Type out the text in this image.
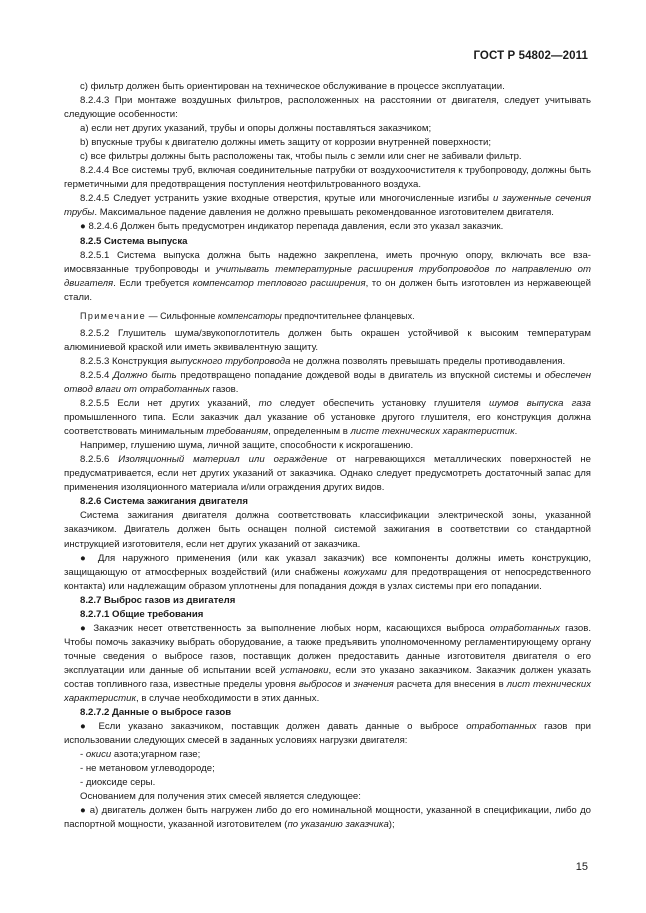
ГОСТ Р 54802—2011

c) фильтр должен быть ориентирован на техническое обслуживание в процессе эксплуатации.

8.2.4.3 При монтаже воздушных фильтров, расположенных на расстоянии от двигателя, следует учитывать следующие особенности:

a) если нет других указаний, трубы и опоры должны поставляться заказчиком;

b) впускные трубы к двигателю должны иметь защиту от коррозии внутренней поверхности;

c) все фильтры должны быть расположены так, чтобы пыль с земли или снег не забивали фильтр.

8.2.4.4 Все системы труб, включая соединительные патрубки от воздухоочистителя к трубопроводу, должны быть герметичными для предотвращения поступления неотфильтрованного воздуха.

8.2.4.5 Следует устранить узкие входные отверстия, крутые или многочисленные изгибы и зауженные сечения трубы. Максимальное падение давления не должно превышать рекомендованное изготовителем двигателя.

● 8.2.4.6 Должен быть предусмотрен индикатор перепада давления, если это указал заказчик.

8.2.5 Система выпуска

8.2.5.1 Система выпуска должна быть надежно закреплена, иметь прочную опору, включать все взаимосвязанные трубопроводы и учитывать температурные расширения трубопроводов по направлению от двигателя. Если требуется компенсатор теплового расширения, то он должен быть изготовлен из нержавеющей стали.

Примечание — Сильфонные компенсаторы предпочтительнее фланцевых.

8.2.5.2 Глушитель шума/звукопоглотитель должен быть окрашен устойчивой к высоким температурам алюминиевой краской или иметь эквивалентную защиту.

8.2.5.3 Конструкция выпускного трубопровода не должна позволять превышать пределы противодавления.

8.2.5.4 Должно быть предотвращено попадание дождевой воды в двигатель из впускной системы и обеспечен отвод влаги от отработанных газов.

8.2.5.5 Если нет других указаний, то следует обеспечить установку глушителя шумов выпуска газа промышленного типа. Если заказчик дал указание об установке другого глушителя, его конструкция должна соответствовать минимальным требованиям, определенным в листе технических характеристик.

Например, глушению шума, личной защите, способности к искрогашению.

8.2.5.6 Изоляционный материал или ограждение от нагревающихся металлических поверхностей не предусматривается, если нет других указаний от заказчика. Однако следует предусмотреть достаточный запас для применения изоляционного материала и/или ограждения других видов.

8.2.6 Система зажигания двигателя

Система зажигания двигателя должна соответствовать классификации электрической зоны, указанной заказчиком. Двигатель должен быть оснащен полной системой зажигания в соответствии со стандартной инструкцией изготовителя, если нет других указаний от заказчика.

● Для наружного применения (или как указал заказчик) все компоненты должны иметь конструкцию, защищающую от атмосферных воздействий (или снабжены кожухами для предотвращения от непосредственного контакта) или надлежащим образом уплотнены для попадания дождя в узлах системы при его попадании.

8.2.7 Выброс газов из двигателя

8.2.7.1 Общие требования

● Заказчик несет ответственность за выполнение любых норм, касающихся выброса отработанных газов. Чтобы помочь заказчику выбрать оборудование, а также предъявить уполномоченному регламентирующему органу точные сведения о выбросе газов, поставщик должен предоставить данные изготовителя двигателя о его эксплуатации или данные об испытании всей установки, если это указано заказчиком. Заказчик должен указать состав топливного газа, известные пределы уровня выбросов и значения расчета для внесения в лист технических характеристик, в случае необходимости в этих данных.

8.2.7.2 Данные о выбросе газов

● Если указано заказчиком, поставщик должен давать данные о выбросе отработанных газов при использовании следующих смесей в заданных условиях нагрузки двигателя:

- окиси азота;угарном газе;

- не метановом углеводороде;

- диоксиде серы.

Основанием для получения этих смесей является следующее:

● a) двигатель должен быть нагружен либо до его номинальной мощности, указанной в спецификации, либо до паспортной мощности, указанной изготовителем (по указанию заказчика);

15
